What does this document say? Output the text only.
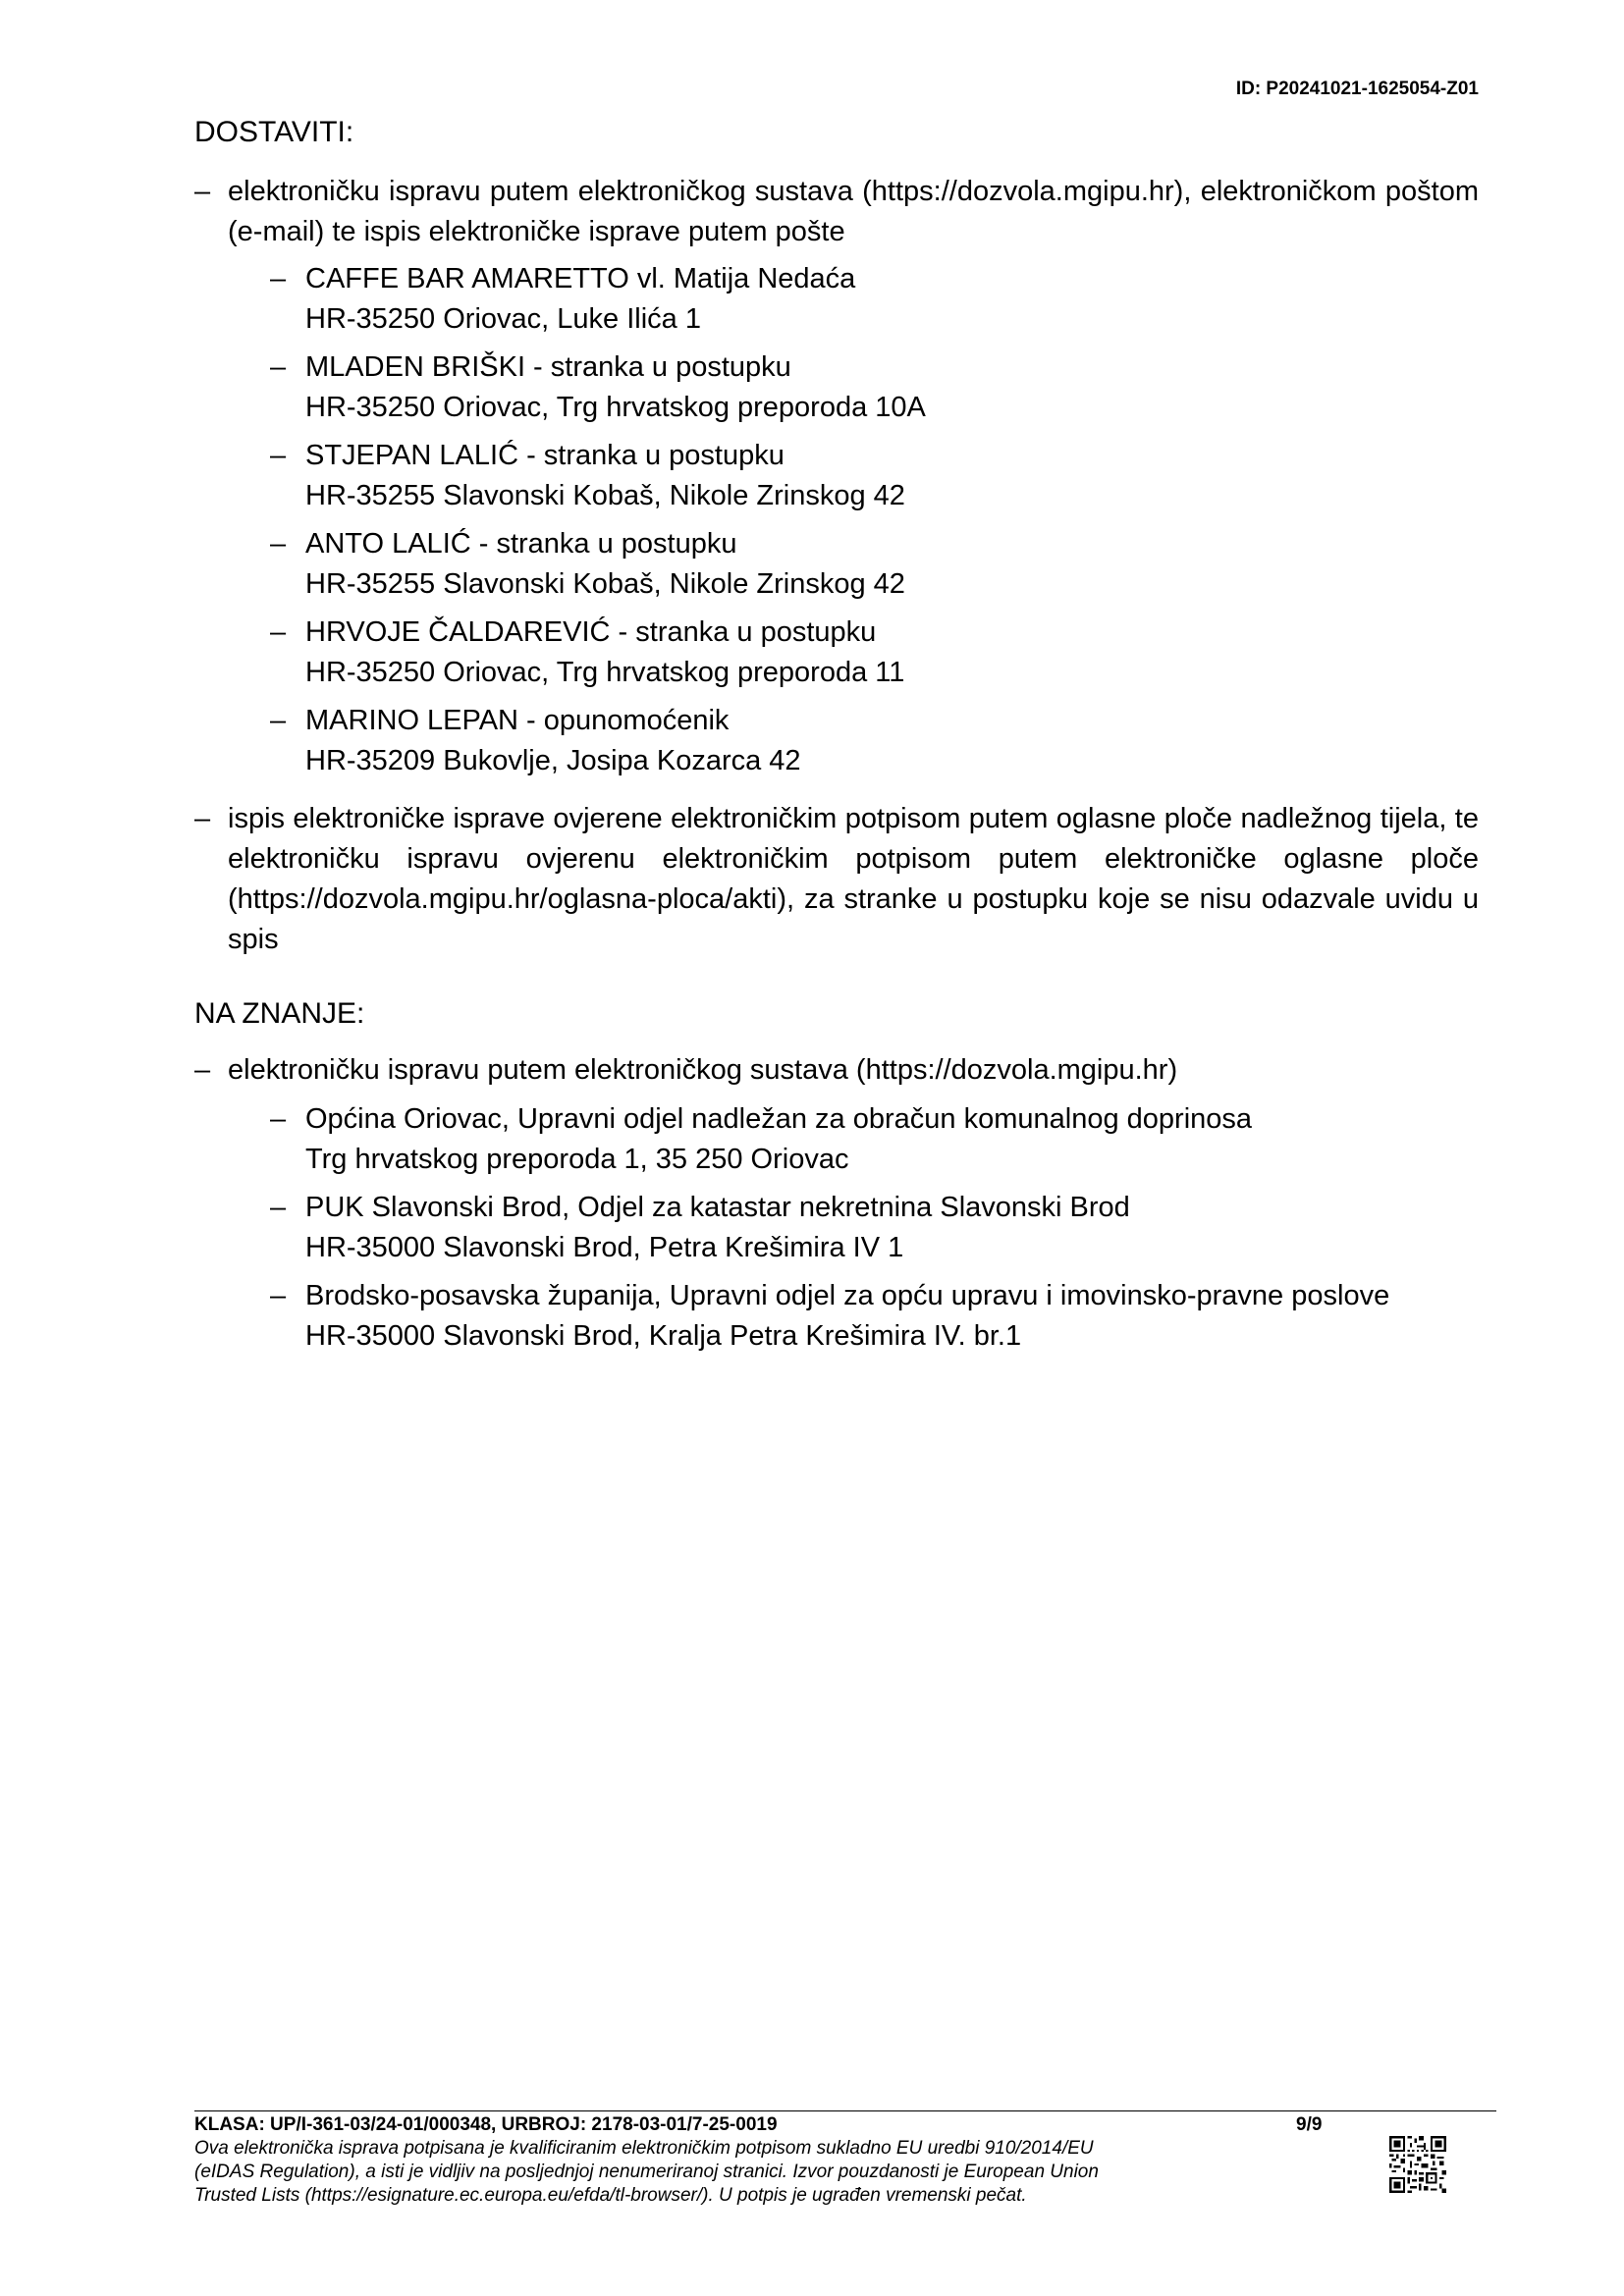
ID: P20241021-1625054-Z01
DOSTAVITI:
– elektroničku ispravu putem elektroničkog sustava (https://dozvola.mgipu.hr), elektroničkom poštom (e-mail) te ispis elektroničke isprave putem pošte
– CAFFE BAR AMARETTO vl. Matija Nedaća
HR-35250 Oriovac, Luke Ilića 1
– MLADEN BRIŠKI - stranka u postupku
HR-35250 Oriovac, Trg hrvatskog preporoda 10A
– STJEPAN LALIĆ - stranka u postupku
HR-35255 Slavonski Kobaš, Nikole Zrinskog 42
– ANTO LALIĆ - stranka u postupku
HR-35255 Slavonski Kobaš, Nikole Zrinskog 42
– HRVOJE ČALDAREVIĆ - stranka u postupku
HR-35250 Oriovac, Trg hrvatskog preporoda 11
– MARINO LEPAN - opunomoćenik
HR-35209 Bukovlje, Josipa Kozarca 42
– ispis elektroničke isprave ovjerene elektroničkim potpisom putem oglasne ploče nadležnog tijela, te elektroničku ispravu ovjerenu elektroničkim potpisom putem elektroničke oglasne ploče (https://dozvola.mgipu.hr/oglasna-ploca/akti), za stranke u postupku koje se nisu odazvale uvidu u spis
NA ZNANJE:
– elektroničku ispravu putem elektroničkog sustava (https://dozvola.mgipu.hr)
– Općina Oriovac, Upravni odjel nadležan za obračun komunalnog doprinosa
Trg hrvatskog preporoda 1, 35 250 Oriovac
– PUK Slavonski Brod, Odjel za katastar nekretnina Slavonski Brod
HR-35000 Slavonski Brod, Petra Krešimira IV 1
– Brodsko-posavska županija, Upravni odjel za opću upravu i imovinsko-pravne poslove
HR-35000 Slavonski Brod, Kralja Petra Krešimira IV. br.1
KLASA: UP/I-361-03/24-01/000348, URBROJ: 2178-03-01/7-25-0019	9/9
Ova elektronička isprava potpisana je kvalificiranim elektroničkim potpisom sukladno EU uredbi 910/2014/EU
(eIDAS Regulation), a isti je vidljiv na posljednjoj nenumeriranoj stranici. Izvor pouzdanosti je European Union
Trusted Lists (https://esignature.ec.europa.eu/efda/tl-browser/). U potpis je ugrađen vremenski pečat.
